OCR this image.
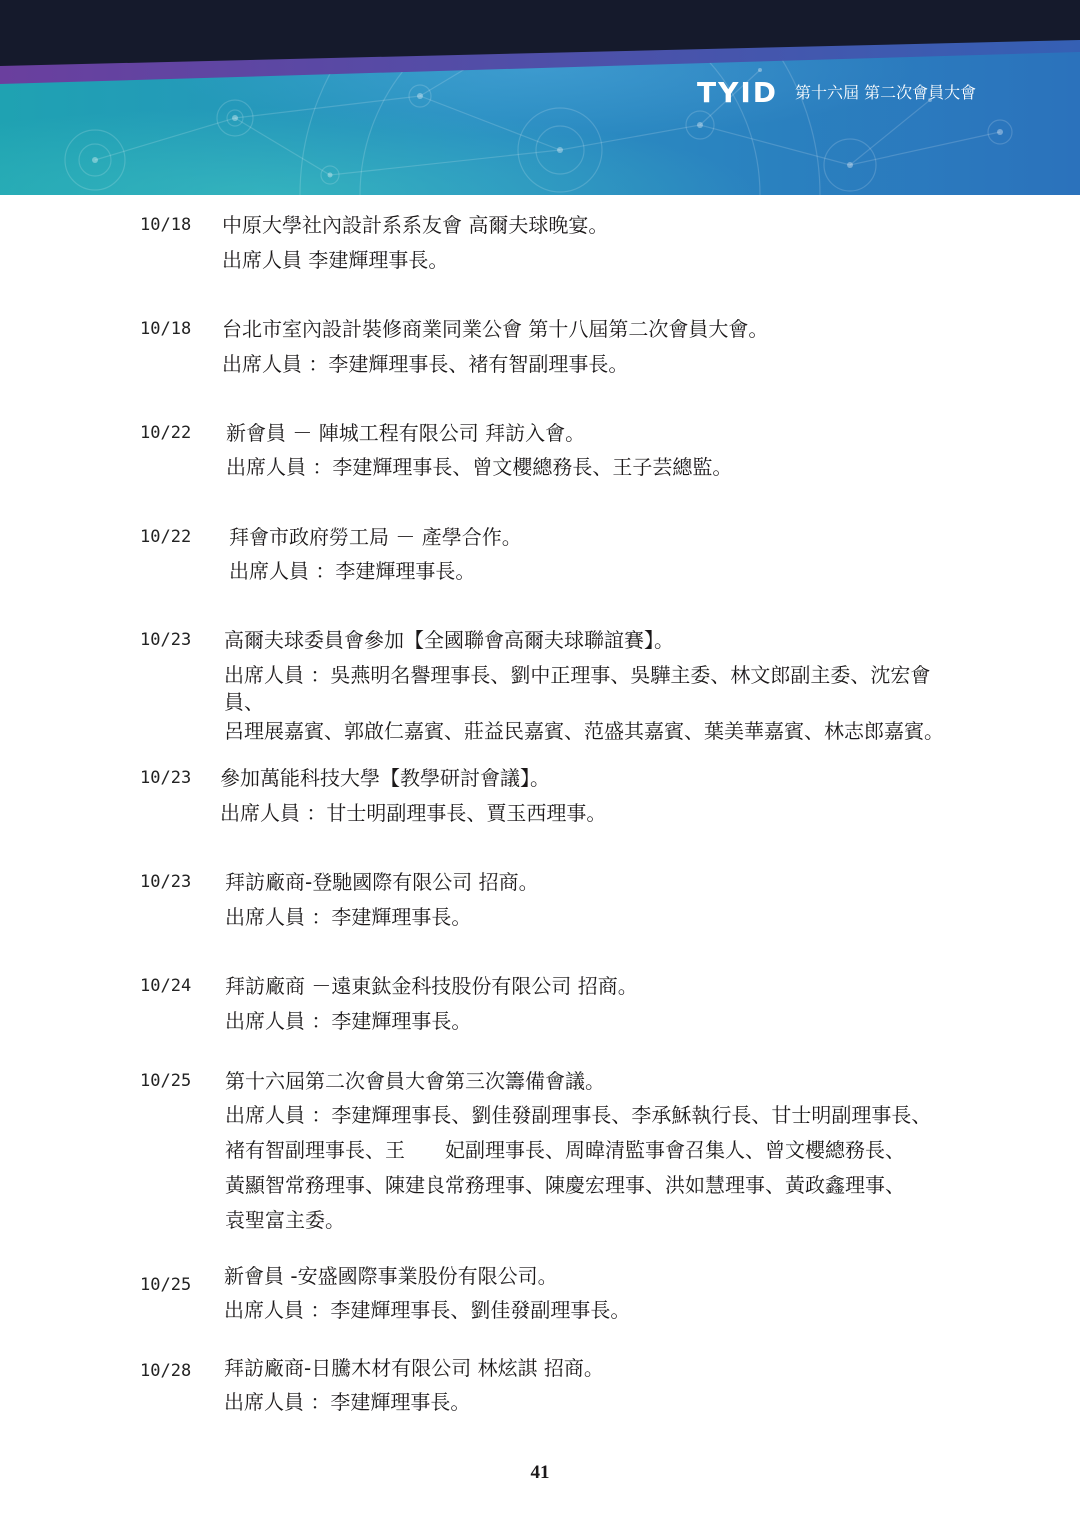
TYID 第十六屆 第二次會員大會
10/18 中原大學社內設計系系友會 高爾夫球晚宴。
出席人員 李建輝理事長。
10/18 台北市室內設計裝修商業同業公會 第十八屆第二次會員大會。
出席人員 ：李建輝理事長、褚有智副理事長。
10/22 新會員 － 陣城工程有限公司 拜訪入會。
出席人員 ：李建輝理事長、曾文櫻總務長、王子芸總監。
10/22 拜會市政府勞工局 － 產學合作。
出席人員 ：李建輝理事長。
10/23 高爾夫球委員會參加【全國聯會高爾夫球聯誼賽】。
出席人員 ：吳燕明名譽理事長、劉中正理事、吳驊主委、林文郎副主委、沈宏會
員、
呂理展嘉賓、郭啟仁嘉賓、莊益民嘉賓、范盛其嘉賓、葉美華嘉賓、林志郎嘉賓。
10/23 參加萬能科技大學【教學研討會議】。
出席人員 ：甘士明副理事長、賈玉西理事。
10/23 拜訪廠商-登馳國際有限公司 招商。
出席人員 ：李建輝理事長。
10/24 拜訪廠商 －遠東鈦金科技股份有限公司 招商。
出席人員 ：李建輝理事長。
10/25 第十六屆第二次會員大會第三次籌備會議。
出席人員 ：李建輝理事長、劉佳發副理事長、李承穌執行長、甘士明副理事長、
褚有智副理事長、王　　妃副理事長、周暐清監事會召集人、曾文櫻總務長、
黃顯智常務理事、陳建良常務理事、陳慶宏理事、洪如慧理事、黃政鑫理事、
袁聖富主委。
10/25 新會員 -安盛國際事業股份有限公司。
出席人員 ：李建輝理事長、劉佳發副理事長。
10/28 拜訪廠商-日騰木材有限公司 林炫諆 招商。
出席人員 ：李建輝理事長。
41
